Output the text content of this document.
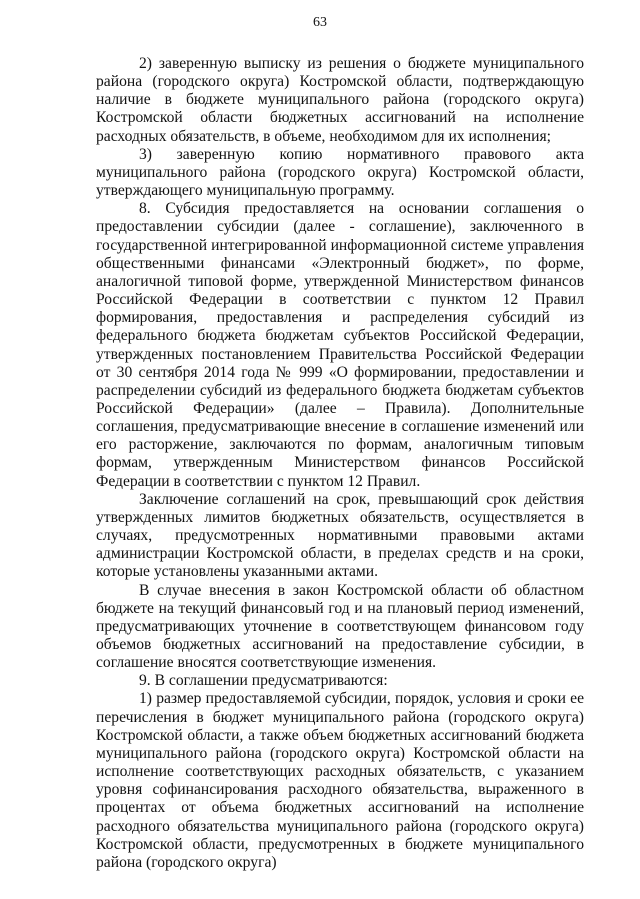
63

2) заверенную выписку из решения о бюджете муниципального района (городского округа) Костромской области, подтверждающую наличие в бюджете муниципального района (городского округа) Костромской области бюджетных ассигнований на исполнение расходных обязательств, в объеме, необходимом для их исполнения;

3) заверенную копию нормативного правового акта муниципального района (городского округа) Костромской области, утверждающего муниципальную программу.

8. Субсидия предоставляется на основании соглашения о предоставлении субсидии (далее - соглашение), заключенного в государственной интегрированной информационной системе управления общественными финансами «Электронный бюджет», по форме, аналогичной типовой форме, утвержденной Министерством финансов Российской Федерации в соответствии с пунктом 12 Правил формирования, предоставления и распределения субсидий из федерального бюджета бюджетам субъектов Российской Федерации, утвержденных постановлением Правительства Российской Федерации от 30 сентября 2014 года № 999 «О формировании, предоставлении и распределении субсидий из федерального бюджета бюджетам субъектов Российской Федерации» (далее – Правила). Дополнительные соглашения, предусматривающие внесение в соглашение изменений или его расторжение, заключаются по формам, аналогичным типовым формам, утвержденным Министерством финансов Российской Федерации в соответствии с пунктом 12 Правил.

Заключение соглашений на срок, превышающий срок действия утвержденных лимитов бюджетных обязательств, осуществляется в случаях, предусмотренных нормативными правовыми актами администрации Костромской области, в пределах средств и на сроки, которые установлены указанными актами.

В случае внесения в закон Костромской области об областном бюджете на текущий финансовый год и на плановый период изменений, предусматривающих уточнение в соответствующем финансовом году объемов бюджетных ассигнований на предоставление субсидии, в соглашение вносятся соответствующие изменения.

9. В соглашении предусматриваются:

1) размер предоставляемой субсидии, порядок, условия и сроки ее перечисления в бюджет муниципального района (городского округа) Костромской области, а также объем бюджетных ассигнований бюджета муниципального района (городского округа) Костромской области на исполнение соответствующих расходных обязательств, с указанием уровня софинансирования расходного обязательства, выраженного в процентах от объема бюджетных ассигнований на исполнение расходного обязательства муниципального района (городского округа) Костромской области, предусмотренных в бюджете муниципального района (городского округа)
